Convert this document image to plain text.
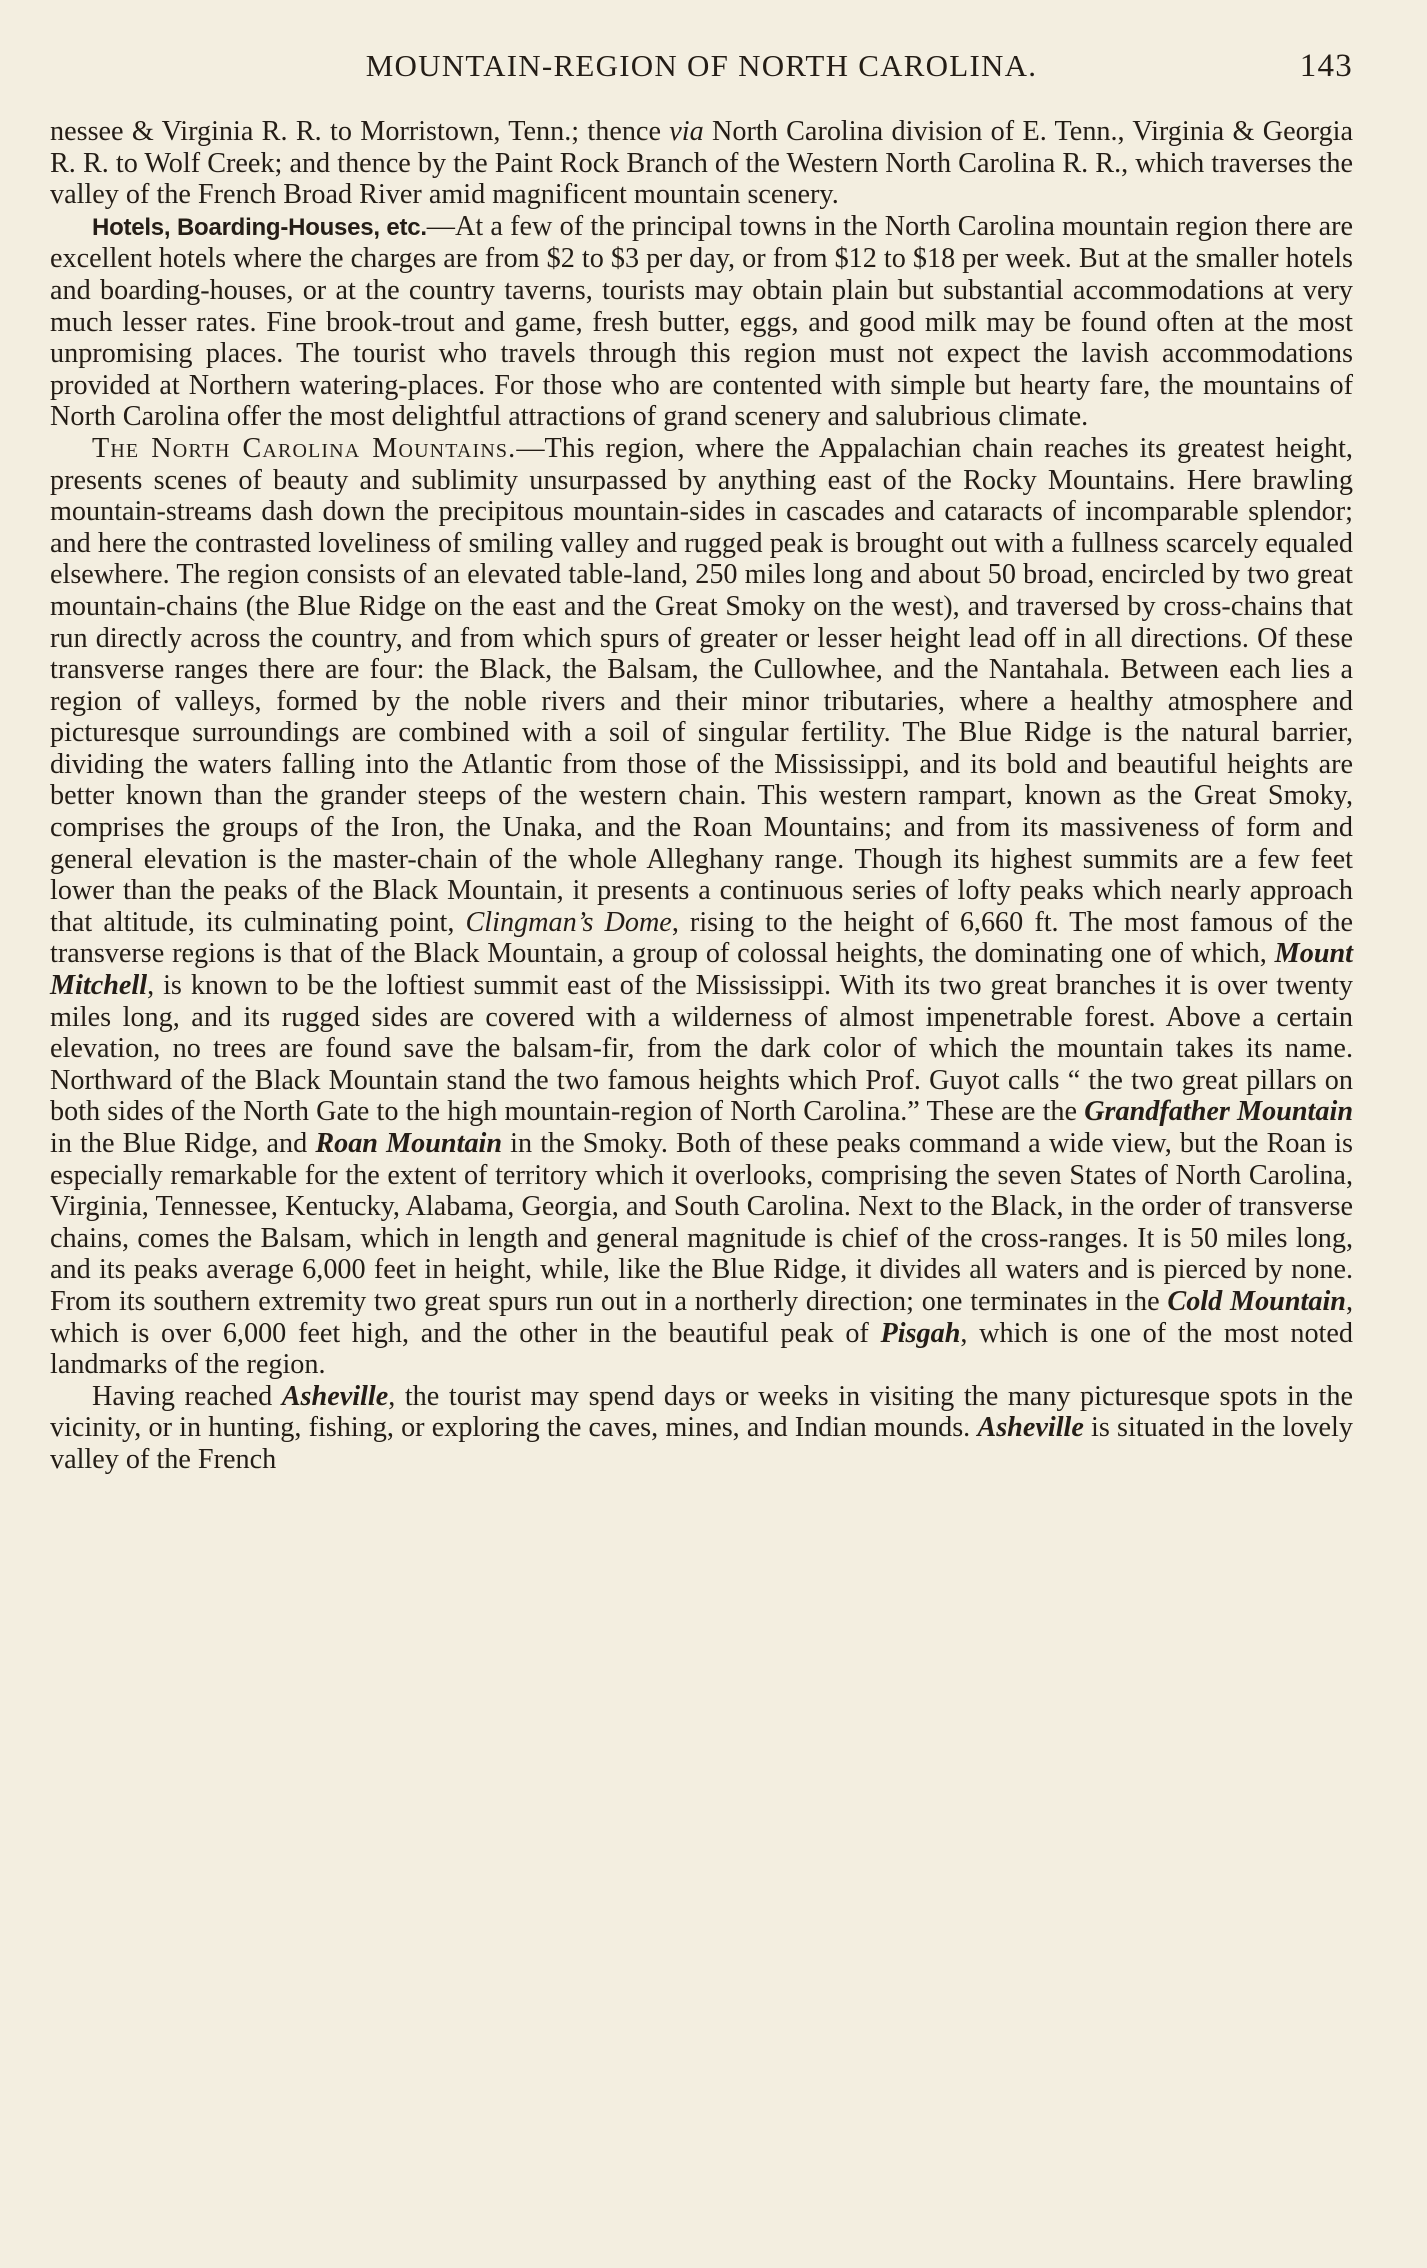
MOUNTAIN-REGION OF NORTH CAROLINA.	143

nessee & Virginia R. R. to Morristown, Tenn.; thence via North Carolina division of E. Tenn., Virginia & Georgia R. R. to Wolf Creek; and thence by the Paint Rock Branch of the Western North Carolina R. R., which traverses the valley of the French Broad River amid magnificent mountain scenery.

Hotels, Boarding-Houses, etc.—At a few of the principal towns in the North Carolina mountain region there are excellent hotels where the charges are from $2 to $3 per day, or from $12 to $18 per week. But at the smaller hotels and boarding-houses, or at the country taverns, tourists may obtain plain but substantial accommodations at very much lesser rates. Fine brook-trout and game, fresh butter, eggs, and good milk may be found often at the most unpromising places. The tourist who travels through this region must not expect the lavish accommodations provided at Northern watering-places. For those who are contented with simple but hearty fare, the mountains of North Carolina offer the most delightful attractions of grand scenery and salubrious climate.

The North Carolina Mountains.—This region, where the Appalachian chain reaches its greatest height, presents scenes of beauty and sublimity unsurpassed by anything east of the Rocky Mountains. Here brawling mountain-streams dash down the precipitous mountain-sides in cascades and cataracts of incomparable splendor; and here the contrasted loveliness of smiling valley and rugged peak is brought out with a fullness scarcely equaled elsewhere. The region consists of an elevated table-land, 250 miles long and about 50 broad, encircled by two great mountain-chains (the Blue Ridge on the east and the Great Smoky on the west), and traversed by cross-chains that run directly across the country, and from which spurs of greater or lesser height lead off in all directions. Of these transverse ranges there are four: the Black, the Balsam, the Cullowhee, and the Nantahala. Between each lies a region of valleys, formed by the noble rivers and their minor tributaries, where a healthy atmosphere and picturesque surroundings are combined with a soil of singular fertility. The Blue Ridge is the natural barrier, dividing the waters falling into the Atlantic from those of the Mississippi, and its bold and beautiful heights are better known than the grander steeps of the western chain. This western rampart, known as the Great Smoky, comprises the groups of the Iron, the Unaka, and the Roan Mountains; and from its massiveness of form and general elevation is the master-chain of the whole Alleghany range. Though its highest summits are a few feet lower than the peaks of the Black Mountain, it presents a continuous series of lofty peaks which nearly approach that altitude, its culminating point, Clingman’s Dome, rising to the height of 6,660 ft. The most famous of the transverse regions is that of the Black Mountain, a group of colossal heights, the dominating one of which, Mount Mitchell, is known to be the loftiest summit east of the Mississippi. With its two great branches it is over twenty miles long, and its rugged sides are covered with a wilderness of almost impenetrable forest. Above a certain elevation, no trees are found save the balsam-fir, from the dark color of which the mountain takes its name. Northward of the Black Mountain stand the two famous heights which Prof. Guyot calls “ the two great pillars on both sides of the North Gate to the high mountain-region of North Carolina.” These are the Grandfather Mountain in the Blue Ridge, and Roan Mountain in the Smoky. Both of these peaks command a wide view, but the Roan is especially remarkable for the extent of territory which it overlooks, comprising the seven States of North Carolina, Virginia, Tennessee, Kentucky, Alabama, Georgia, and South Carolina. Next to the Black, in the order of transverse chains, comes the Balsam, which in length and general magnitude is chief of the cross-ranges. It is 50 miles long, and its peaks average 6,000 feet in height, while, like the Blue Ridge, it divides all waters and is pierced by none. From its southern extremity two great spurs run out in a northerly direction; one terminates in the Cold Mountain, which is over 6,000 feet high, and the other in the beautiful peak of Pisgah, which is one of the most noted landmarks of the region.

Having reached Asheville, the tourist may spend days or weeks in visiting the many picturesque spots in the vicinity, or in hunting, fishing, or exploring the caves, mines, and Indian mounds. Asheville is situated in the lovely valley of the French
